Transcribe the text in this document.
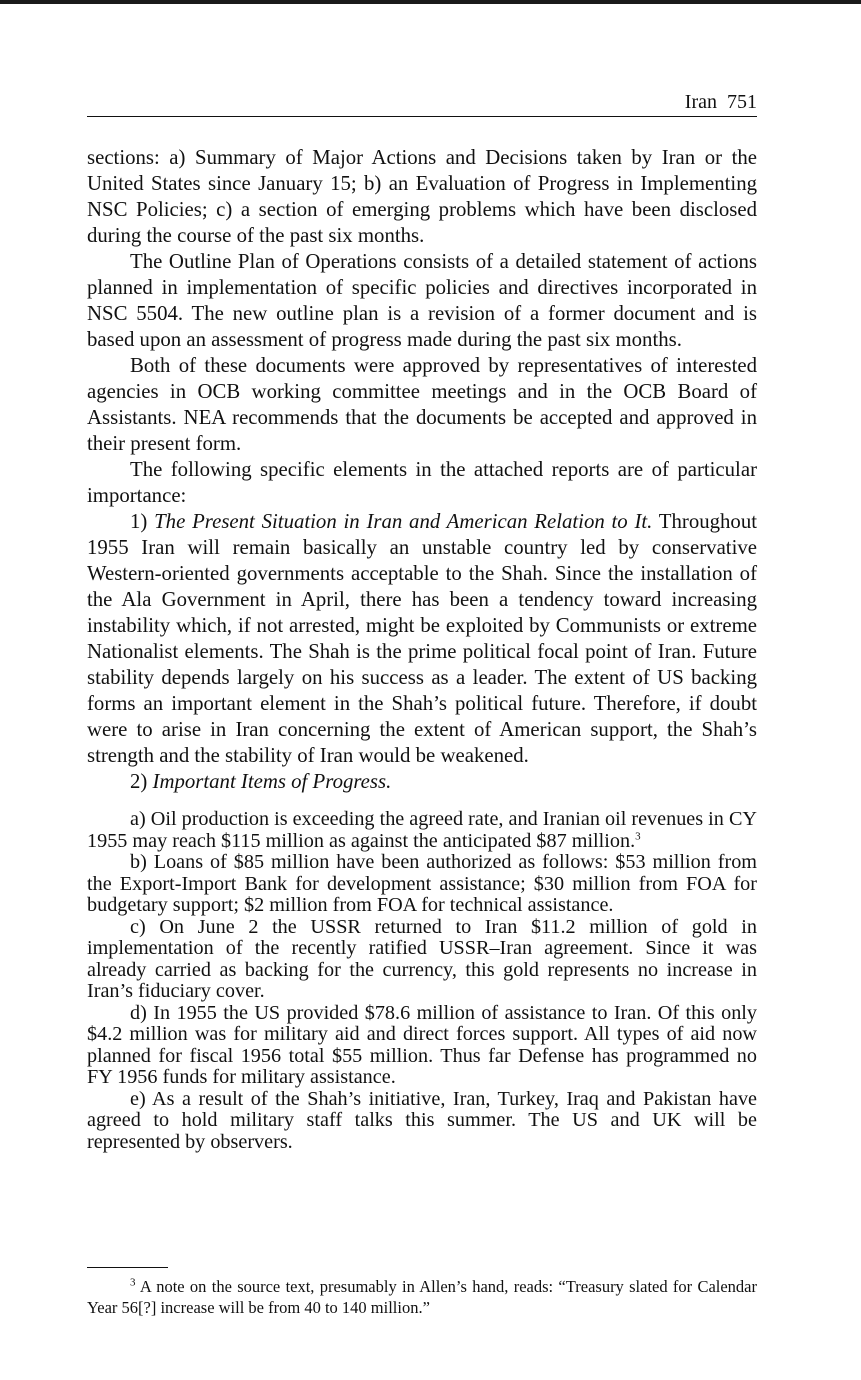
Iran 751

sections: a) Summary of Major Actions and Decisions taken by Iran or the United States since January 15; b) an Evaluation of Progress in Implementing NSC Policies; c) a section of emerging problems which have been disclosed during the course of the past six months.

The Outline Plan of Operations consists of a detailed statement of actions planned in implementation of specific policies and directives incorporated in NSC 5504. The new outline plan is a revision of a former document and is based upon an assessment of progress made during the past six months.

Both of these documents were approved by representatives of interested agencies in OCB working committee meetings and in the OCB Board of Assistants. NEA recommends that the documents be accepted and approved in their present form.

The following specific elements in the attached reports are of particular importance:

1) The Present Situation in Iran and American Relation to It. Throughout 1955 Iran will remain basically an unstable country led by conservative Western-oriented governments acceptable to the Shah. Since the installation of the Ala Government in April, there has been a tendency toward increasing instability which, if not arrested, might be exploited by Communists or extreme Nationalist elements. The Shah is the prime political focal point of Iran. Future stability depends largely on his success as a leader. The extent of US backing forms an important element in the Shah’s political future. Therefore, if doubt were to arise in Iran concerning the extent of American support, the Shah’s strength and the stability of Iran would be weakened.

2) Important Items of Progress.

a) Oil production is exceeding the agreed rate, and Iranian oil revenues in CY 1955 may reach $115 million as against the anticipated $87 million.$^3$

b) Loans of $85 million have been authorized as follows: $53 million from the Export-Import Bank for development assistance; $30 million from FOA for budgetary support; $2 million from FOA for technical assistance.

c) On June 2 the USSR returned to Iran $11.2 million of gold in implementation of the recently ratified USSR–Iran agreement. Since it was already carried as backing for the currency, this gold represents no increase in Iran’s fiduciary cover.

d) In 1955 the US provided $78.6 million of assistance to Iran. Of this only $4.2 million was for military aid and direct forces support. All types of aid now planned for fiscal 1956 total $55 million. Thus far Defense has programmed no FY 1956 funds for military assistance.

e) As a result of the Shah’s initiative, Iran, Turkey, Iraq and Pakistan have agreed to hold military staff talks this summer. The US and UK will be represented by observers.

$^3$ A note on the source text, presumably in Allen’s hand, reads: “Treasury slated for Calendar Year 56[?] increase will be from 40 to 140 million.”
